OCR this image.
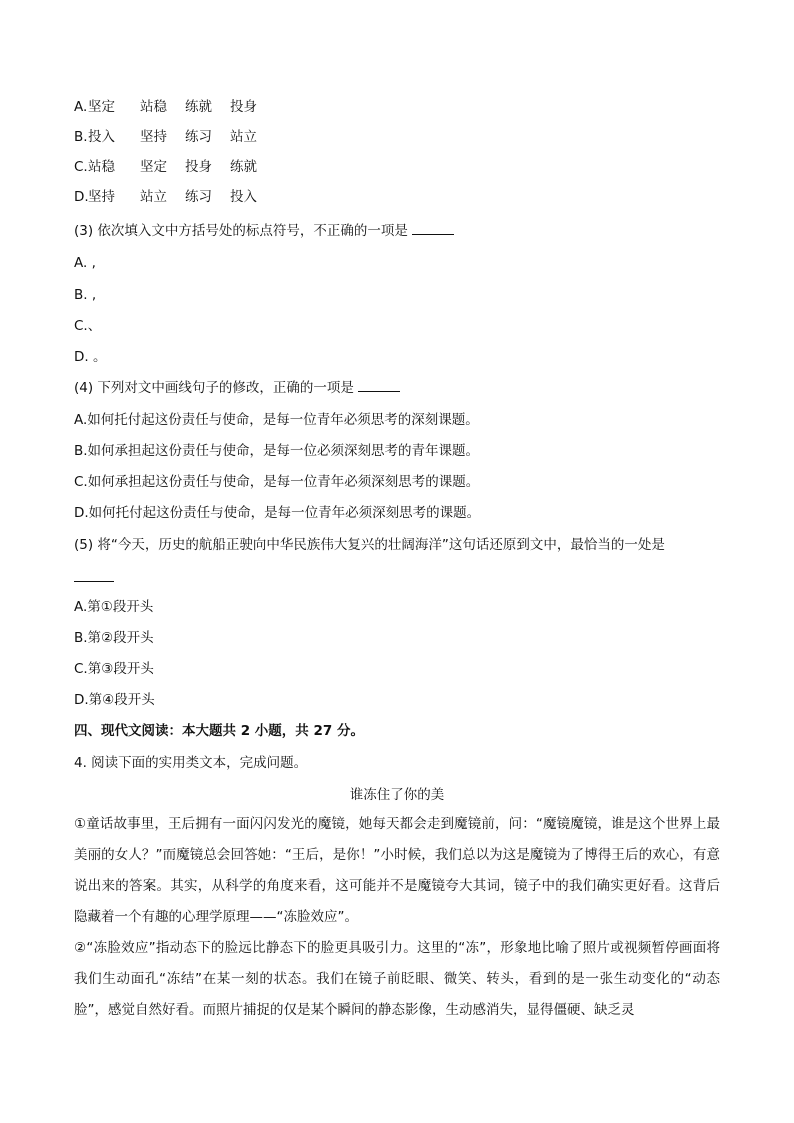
A. 坚定 站稳 练就 投身
B. 投入 坚持 练习 站立
C. 站稳 坚定 投身 练就
D. 坚持 站立 练习 投入
(3) 依次填入文中方括号处的标点符号，不正确的一项是
A. ,
B. ,
C.、
D. 。
(4) 下列对文中画线句子的修改，正确的一项是
A.如何托付起这份责任与使命，是每一位青年必须思考的深刻课题。
B.如何承担起这份责任与使命，是每一位必须深刻思考的青年课题。
C.如何承担起这份责任与使命，是每一位青年必须深刻思考的课题。
D.如何托付起这份责任与使命，是每一位青年必须深刻思考的课题。
(5) 将“今天，历史的航船正驶向中华民族伟大复兴的壮阔海洋”这句话还原到文中，最恰当的一处是
A.第①段开头
B.第②段开头
C.第③段开头
D.第④段开头
四、现代文阅读：本大题共 2 小题，共 27 分。
4. 阅读下面的实用类文本，完成问题。
谁冻住了你的美
①童话故事里，王后拥有一面闪闪发光的魔镜，她每天都会走到魔镜前，问：“魔镜魔镜，谁是这个世界上最美丽的女人？”而魔镜总会回答她：“王后，是你！”小时候，我们总以为这是魔镜为了博得王后的欢心，有意说出来的答案。其实，从科学的角度来看，这可能并不是魔镜夸大其词，镜子中的我们确实更好看。这背后隐藏着一个有趣的心理学原理——“冻脸效应”。
②“冻脸效应”指动态下的脸远比静态下的脸更具吸引力。这里的“冻”，形象地比喻了照片或视频暂停画面将我们生动面孔“冻结”在某一刻的状态。我们在镜子前眨眼、微笑、转头，看到的是一张生动变化的“动态脸”，感觉自然好看。而照片捕捉的仅是某个瞬间的静态影像，生动感消失，显得僵硬、缺乏灵
